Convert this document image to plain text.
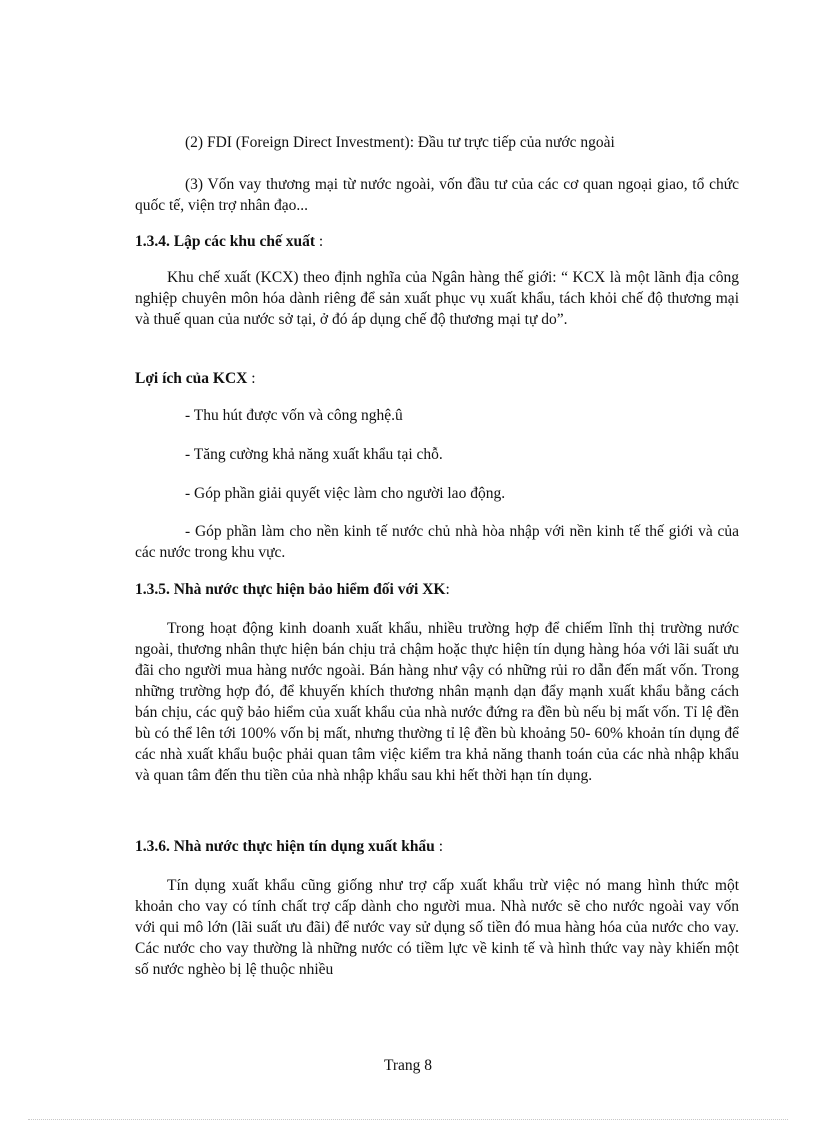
(2) FDI (Foreign Direct Investment): Đầu tư trực tiếp của nước ngoài

(3) Vốn vay thương mại từ nước ngoài, vốn đầu tư của các cơ quan ngoại giao, tổ chức quốc tế, viện trợ nhân đạo...

1.3.4. Lập các khu chế xuất :

Khu chế xuất (KCX) theo định nghĩa của Ngân hàng thế giới: “ KCX là một lãnh địa công nghiệp chuyên môn hóa dành riêng để sản xuất phục vụ xuất khẩu, tách khỏi chế độ thương mại và thuế quan của nước sở tại, ở đó áp dụng chế độ thương mại tự do”.

Lợi ích của KCX :

- Thu hút được vốn và công nghệ.û

- Tăng cường khả năng xuất khẩu tại chỗ.

- Góp phần giải quyết việc làm cho người lao động.

- Góp phần làm cho nền kinh tế nước chủ nhà hòa nhập với nền kinh tế thế giới và của các nước trong khu vực.

1.3.5. Nhà nước thực hiện bảo hiểm đối với XK:

Trong hoạt động kinh doanh xuất khẩu, nhiều trường hợp để chiếm lĩnh thị trường nước ngoài, thương nhân thực hiện bán chịu trả chậm hoặc thực hiện tín dụng hàng hóa với lãi suất ưu đãi cho người mua hàng nước ngoài. Bán hàng như vậy có những rủi ro dẫn đến mất vốn. Trong những trường hợp đó, để khuyến khích thương nhân mạnh dạn đẩy mạnh xuất khẩu bằng cách bán chịu, các quỹ bảo hiểm của xuất khẩu của nhà nước đứng ra đền bù nếu bị mất vốn. Tỉ lệ đền bù có thể lên tới 100% vốn bị mất, nhưng thường tỉ lệ đền bù khoảng 50- 60% khoản tín dụng để các nhà xuất khẩu buộc phải quan tâm việc kiểm tra khả năng thanh toán của các nhà nhập khẩu và quan tâm đến thu tiền của nhà nhập khẩu sau khi hết thời hạn tín dụng.

1.3.6. Nhà nước thực hiện tín dụng xuất khẩu :

Tín dụng xuất khẩu cũng giống như trợ cấp xuất khẩu trừ việc nó mang hình thức một khoản cho vay có tính chất trợ cấp dành cho người mua. Nhà nước sẽ cho nước ngoài vay vốn với qui mô lớn (lãi suất ưu đãi) để nước vay sử dụng số tiền đó mua hàng hóa của nước cho vay. Các nước cho vay thường là những nước có tiềm lực về kinh tế và hình thức vay này khiến một số nước nghèo bị lệ thuộc nhiều

Trang 8
